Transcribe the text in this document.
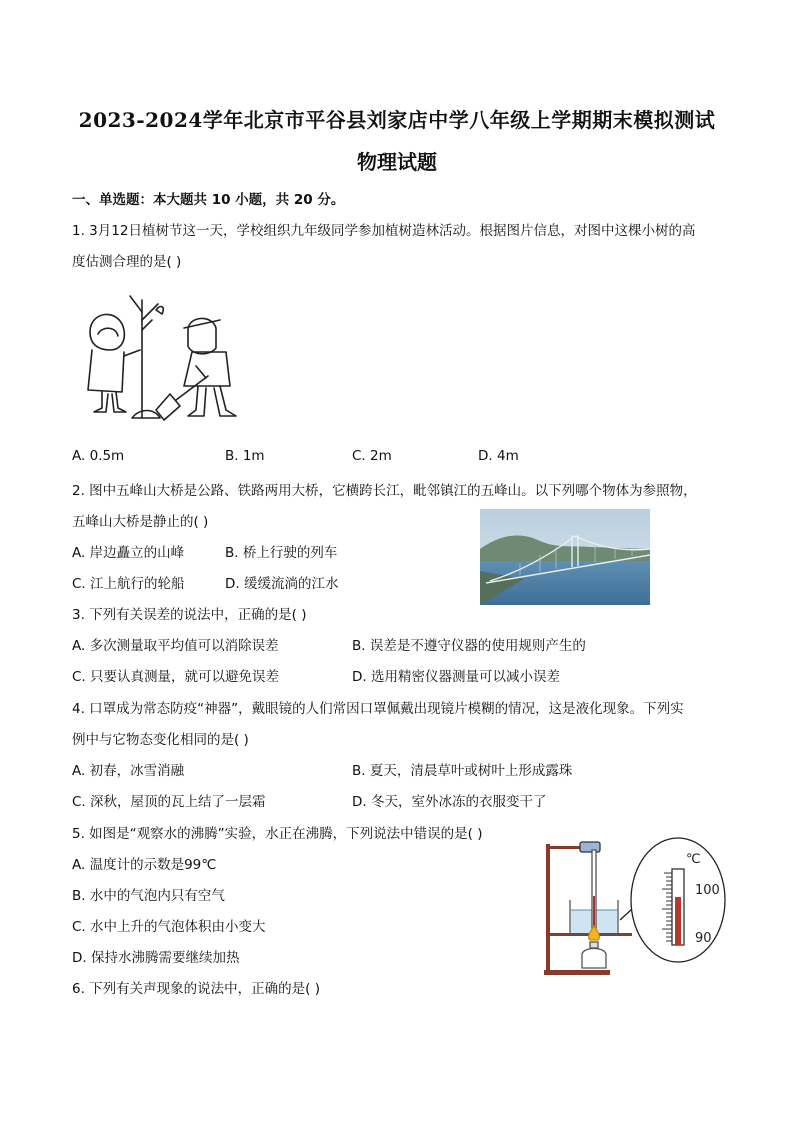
2023-2024学年北京市平谷县刘家店中学八年级上学期期末模拟测试
物理试题
一、单选题：本大题共 10 小题，共 20 分。
1. 3月12日植树节这一天，学校组织九年级同学参加植树造林活动。根据图片信息，对图中这棵小树的高
度估测合理的是( )
A. 0.5m	B. 1m	C. 2m	D. 4m
2. 图中五峰山大桥是公路、铁路两用大桥，它横跨长江，毗邻镇江的五峰山。以下列哪个物体为参照物，
五峰山大桥是静止的( )
A. 岸边矗立的山峰	B. 桥上行驶的列车
C. 江上航行的轮船	D. 缓缓流淌的江水
3. 下列有关误差的说法中，正确的是( )
A. 多次测量取平均值可以消除误差	B. 误差是不遵守仪器的使用规则产生的
C. 只要认真测量，就可以避免误差	D. 选用精密仪器测量可以减小误差
4. 口罩成为常态防疫“神器”，戴眼镜的人们常因口罩佩戴出现镜片模糊的情况，这是液化现象。下列实
例中与它物态变化相同的是( )
A. 初春，冰雪消融	B. 夏天，清晨草叶或树叶上形成露珠
C. 深秋，屋顶的瓦上结了一层霜	D. 冬天，室外冰冻的衣服变干了
5. 如图是“观察水的沸腾”实验，水正在沸腾，下列说法中错误的是( )
A. 温度计的示数是99℃
B. 水中的气泡内只有空气
C. 水中上升的气泡体积由小变大
D. 保持水沸腾需要继续加热
℃
100
90
6. 下列有关声现象的说法中，正确的是( )
